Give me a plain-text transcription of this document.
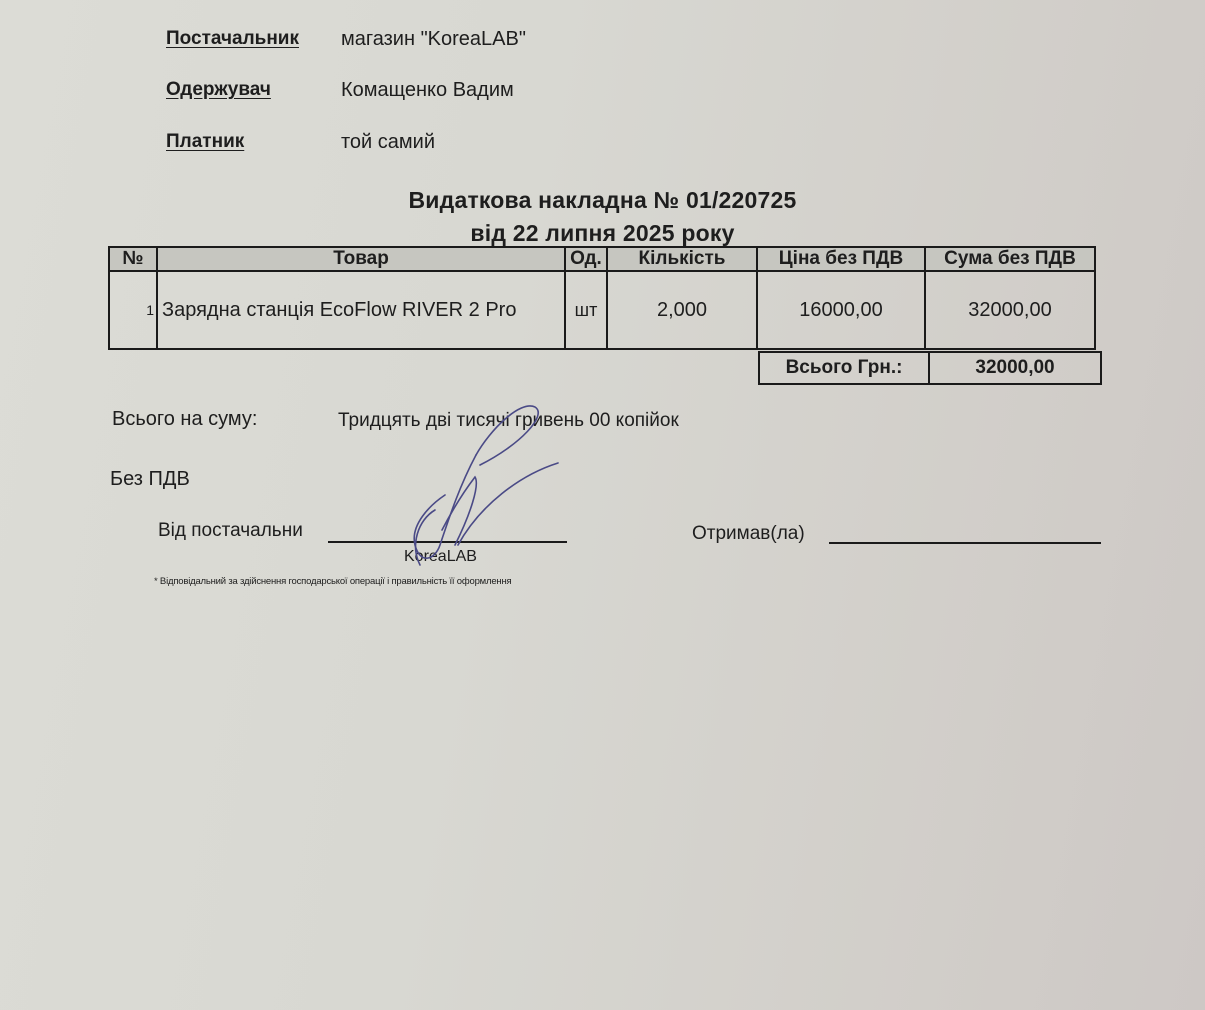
Постачальник магазин "KoreaLAB"
Одержувач	Комащенко Вадим
Платник	той самий
Видаткова накладна № 01/220725
від 22 липня 2025 року
№	Товар	Од.	Кількість	Ціна без ПДВ	Сума без ПДВ
1	Зарядна станція EcoFlow RIVER 2 Pro	шт	2,000	16000,00	32000,00
Всього Грн.:	32000,00
Всього на суму:	Тридцять дві тисячі гривень 00 копійок
Без ПДВ
Від постачальни
KoreaLAB
Отримав(ла)
* Відповідальний за здійснення господарської операції і правильність її оформлення
